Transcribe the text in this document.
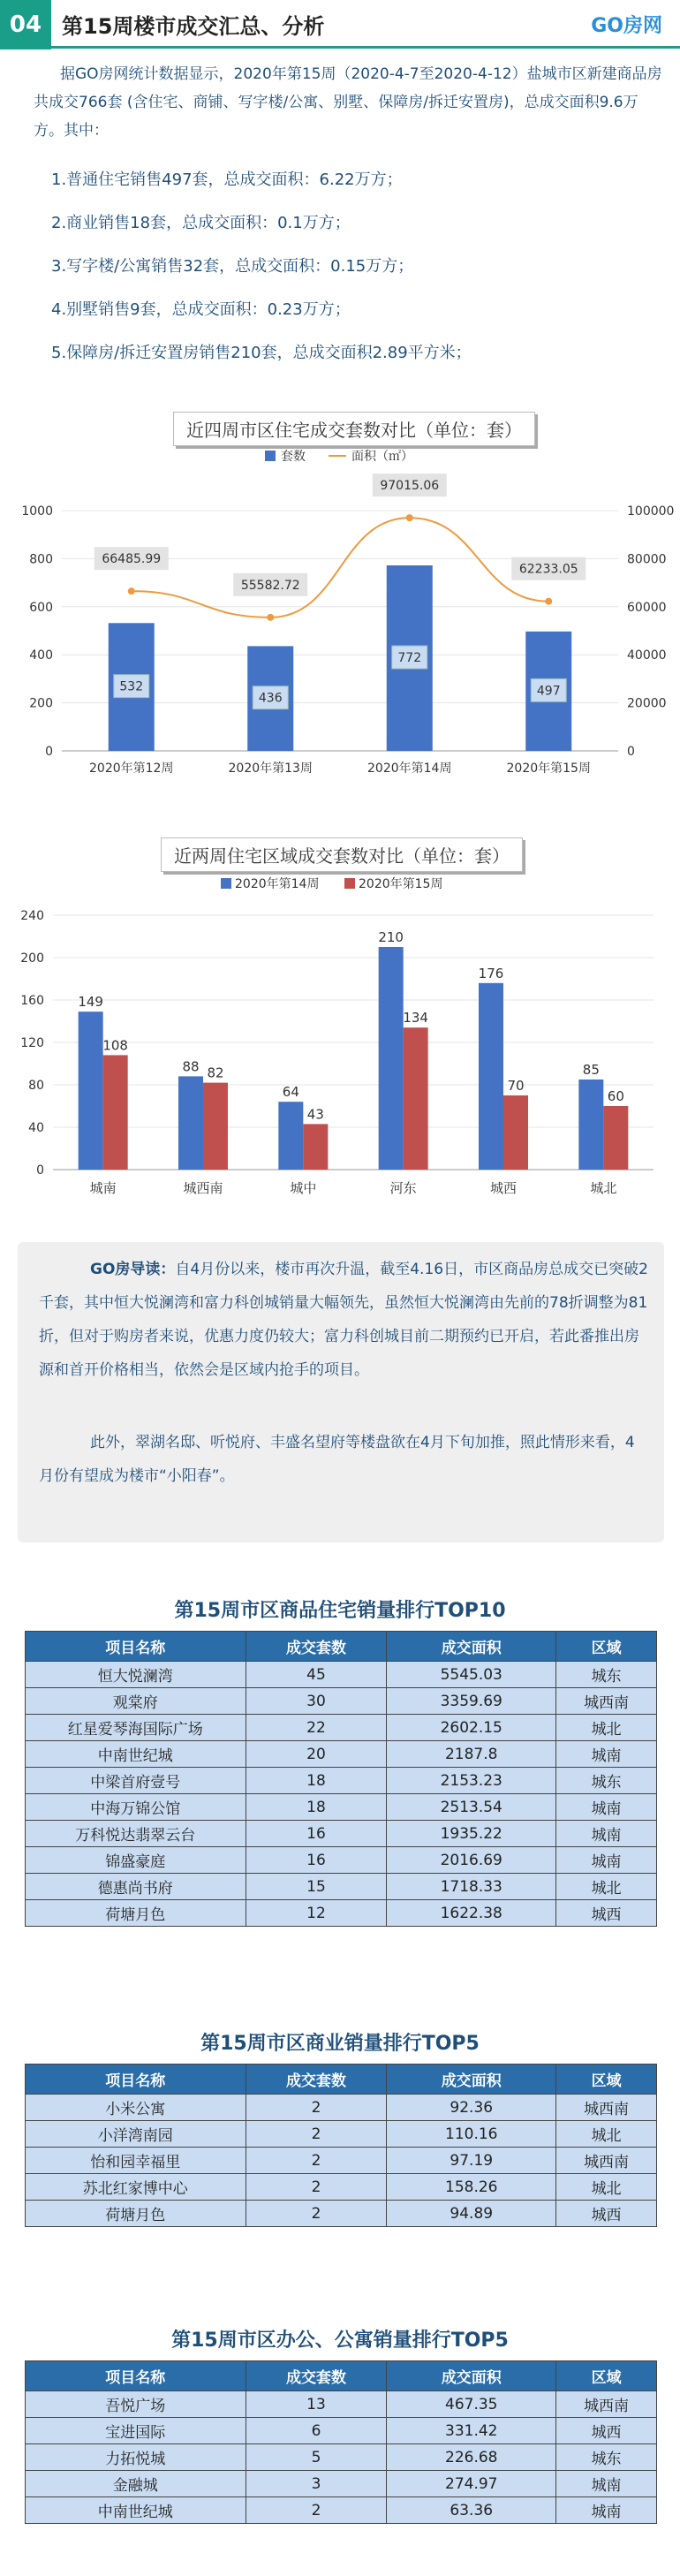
04 第15周楼市成交汇总、分析	GO房网
据GO房网统计数据显示，2020年第15周（2020-4-7至2020-4-12）盐城市区新建商品房共成交766套 (含住宅、商铺、写字楼/公寓、别墅、保障房/拆迁安置房)，总成交面积9.6万方。其中：
1.普通住宅销售497套，总成交面积：6.22万方；
2.商业销售18套，总成交面积：0.1万方；
3.写字楼/公寓销售32套，总成交面积：0.15万方；
4.别墅销售9套，总成交面积：0.23万方；
5.保障房/拆迁安置房销售210套，总成交面积2.89平方米；
近四周市区住宅成交套数对比（单位：套）
套数	面积（㎡）
0
200
400
600
800
1000
0
20000
40000
60000
80000
100000
532
2020年第12周
436
2020年第13周
772
2020年第14周
497
2020年第15周
66485.99
55582.72
97015.06
62233.05
近两周住宅区域成交套数对比（单位：套）
2020年第14周	2020年第15周
0
40
80
120
160
200
240
149
108
城南
88 82
城西南
64
43
城中
210
134
河东
176
70
城西
85
60
城北

GO房导读：自4月份以来，楼市再次升温，截至4.16日，市区商品房总成交已突破2千套，其中恒大悦澜湾和富力科创城销量大幅领先，虽然恒大悦澜湾由先前的78折调整为81折，但对于购房者来说，优惠力度仍较大；富力科创城目前二期预约已开启，若此番推出房源和首开价格相当，依然会是区域内抢手的项目。

此外，翠湖名邸、听悦府、丰盛名望府等楼盘欲在4月下旬加推，照此情形来看，4月份有望成为楼市“小阳春”。

第15周市区商品住宅销量排行TOP10
项目名称	成交套数	成交面积	区域
恒大悦澜湾	45	5545.03	城东
观棠府	30	3359.69	城西南
红星爱琴海国际广场	22	2602.15	城北
中南世纪城	20	2187.8	城南
中梁首府壹号	18	2153.23	城东
中海万锦公馆	18	2513.54	城南
万科悦达翡翠云台	16	1935.22	城南
锦盛豪庭	16	2016.69	城南
德惠尚书府	15	1718.33	城北
荷塘月色	12	1622.38	城西
第15周市区商业销量排行TOP5
项目名称	成交套数	成交面积	区域
小米公寓	2	92.36	城西南
小洋湾南园	2	110.16	城北
怡和园幸福里	2	97.19	城西南
苏北红家博中心	2	158.26	城北
荷塘月色	2	94.89	城西
第15周市区办公、公寓销量排行TOP5
项目名称	成交套数	成交面积	区域
吾悦广场	13	467.35	城西南
宝进国际	6	331.42	城西
力拓悦城	5	226.68	城东
金融城	3	274.97	城南
中南世纪城	2	63.36	城南
